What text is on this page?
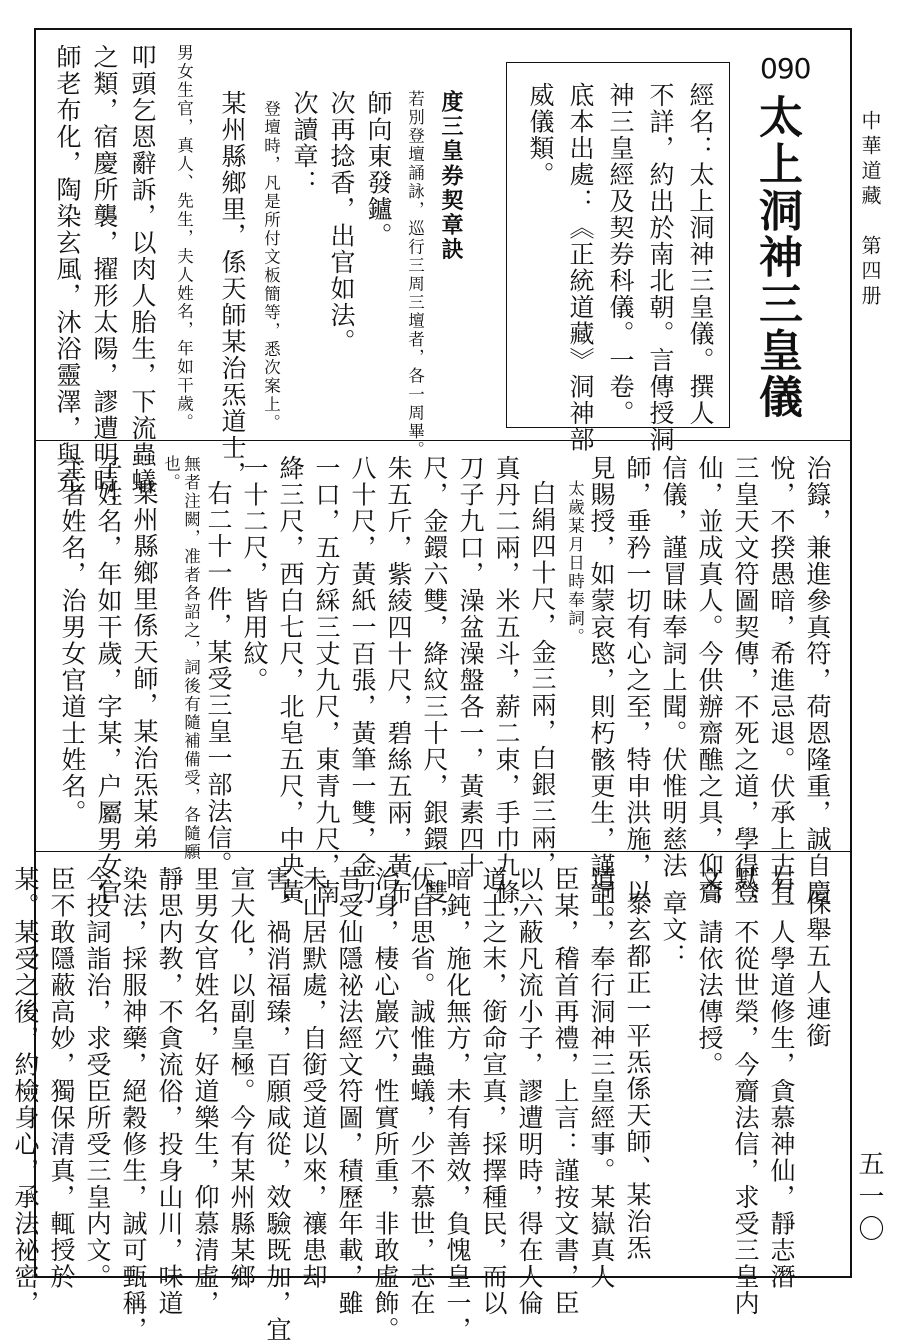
中華道藏　第四册
五一〇
090
太上洞神三皇儀
經名：太上洞神三皇儀。撰人
不詳，約出於南北朝。言傳授洞
神三皇經及契券科儀。一卷。
底本出處：《正統道藏》洞神部
威儀類。
度三皇券契章訣
若別登壇誦詠，巡行三周三壇者，各一周畢。
師向東發鑪。
次再捻香，出官如法。
次讀章：
登壇時，凡是所付文板簡等，悉次案上。
某州縣鄉里，係天師某治炁道士，
男女生官，真人、先生，夫人姓名，年如干歲。
叩頭乞恩辭訴，以肉人胎生，下流蟲蟻
之類，宿慶所襲，擢形太陽，謬遭明時，
師老布化，陶染玄風，沐浴靈澤，與充
治籙，兼進參真符，荷恩隆重，誠自慶
悅，不揆愚暗，希進忌退。伏承上古有
三皇天文符圖契傳，不死之道，學得登
仙，並成真人。今供辦齋醮之具，仰齎
信儀，謹冒昧奉詞上聞。伏惟明慈法
師，垂矜一切有心之至，特申洪施，以
見賜授，如蒙哀愍，則朽骸更生，謹詞。
太歲某月日時奉詞。
白絹四十尺，金三兩，白銀三兩，
真丹二兩，米五斗，薪二束，手巾九條，
刀子九口，澡盆澡盤各一，黃素四十
尺，金鐶六雙，絳紋三十尺，銀鐶一雙，
朱五斤，紫綾四十尺，碧絲五兩，黃布
八十尺，黃紙一百張，黃筆一雙，金刀
一口，五方綵三丈九尺，東青九尺，南
絳三尺，西白七尺，北皂五尺，中央黃
一十二尺，皆用紋。
右二十一件，某受三皇一部法信。
無者注闕，准者各詔之，詞後有隨補備受，各隨願
也。
某州縣鄉里係天師，某治炁某弟
子姓名，年如干歲，字某，户屬男女官
主者姓名，治男女官道士姓名。
保舉五人連銜
右一人學道修生，貪慕神仙，靜志潛
默，不從世榮，今齎法信，求受三皇内
文，請依法傳授。
章文：
泰玄都正一平炁係天師、某治炁
道士，奉行洞神三皇經事。某嶽真人
臣某，稽首再禮，上言：謹按文書，臣
以六蔽凡流小子，謬遭明時，得在人倫
道士之末，銜命宣真，採擇種民，而以
暗鈍，施化無方，未有善效，負愧皇一，
伏自思省。誠惟蟲蟻，少不慕世，志在
治身，棲心巖穴，性實所重，非敢虛飾。
昔受仙隱祕法經文符圖，積歷年載，雖
未山居默處，自銜受道以來，禳患却
害，禍消福臻，百願咸從，效驗既加，宜
宣大化，以副皇極。今有某州縣某鄉
里男女官姓名，好道樂生，仰慕清虛，
靜思内教，不貪流俗，投身山川，味道
染法，採服神藥，絕穀修生，誠可甄稱，
今投詞詣治，求受臣所受三皇内文。
臣不敢隱蔽高妙，獨保清真，輒授於
某。某受之後，約檢身心，承法祕密，
